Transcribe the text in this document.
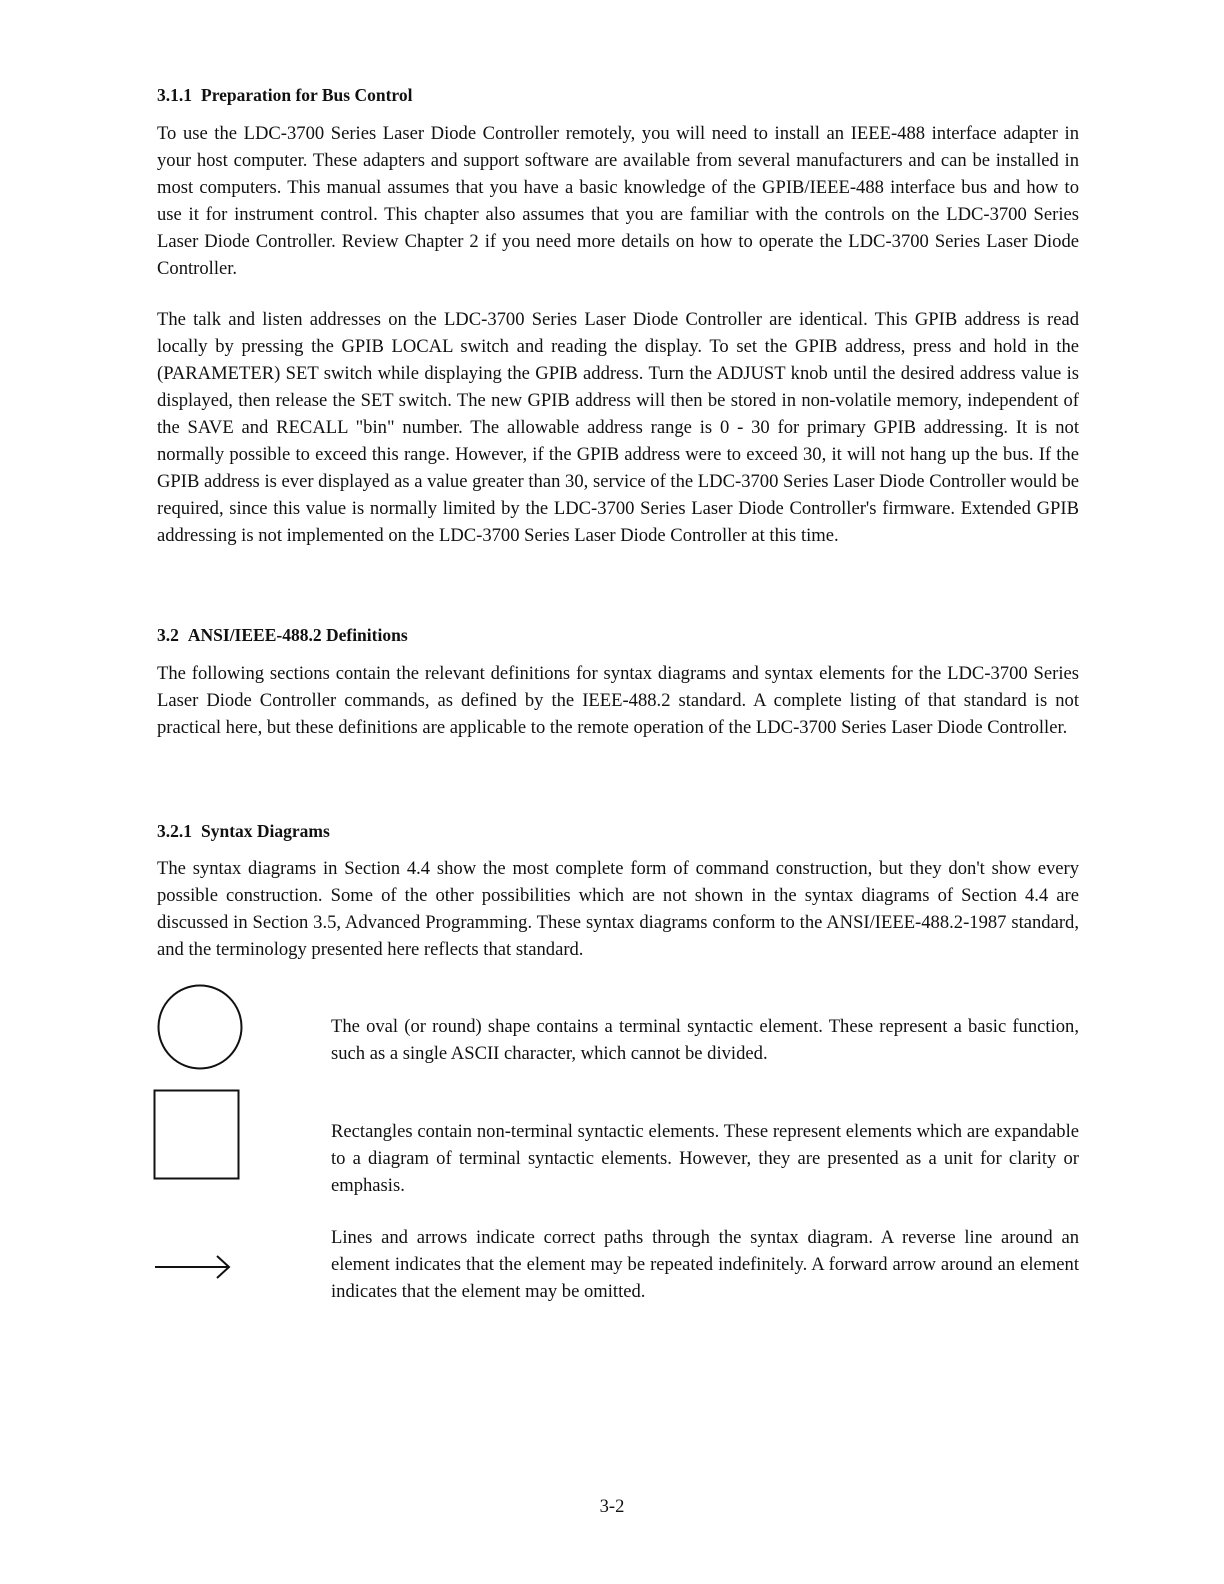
3.1.1 Preparation for Bus Control

To use the LDC-3700 Series Laser Diode Controller remotely, you will need to install an IEEE-488 interface adapter in your host computer. These adapters and support software are available from several manufacturers and can be installed in most computers. This manual assumes that you have a basic knowledge of the GPIB/IEEE-488 interface bus and how to use it for instrument control. This chapter also assumes that you are familiar with the controls on the LDC-3700 Series Laser Diode Controller. Review Chapter 2 if you need more details on how to operate the LDC-3700 Series Laser Diode Controller.

The talk and listen addresses on the LDC-3700 Series Laser Diode Controller are identical. This GPIB address is read locally by pressing the GPIB LOCAL switch and reading the display. To set the GPIB address, press and hold in the (PARAMETER) SET switch while displaying the GPIB address. Turn the ADJUST knob until the desired address value is displayed, then release the SET switch. The new GPIB address will then be stored in non-volatile memory, independent of the SAVE and RECALL "bin" number. The allowable address range is 0 - 30 for primary GPIB addressing. It is not normally possible to exceed this range. However, if the GPIB address were to exceed 30, it will not hang up the bus. If the GPIB address is ever displayed as a value greater than 30, service of the LDC-3700 Series Laser Diode Controller would be required, since this value is normally limited by the LDC-3700 Series Laser Diode Controller's firmware. Extended GPIB addressing is not implemented on the LDC-3700 Series Laser Diode Controller at this time.

3.2 ANSI/IEEE-488.2 Definitions

The following sections contain the relevant definitions for syntax diagrams and syntax elements for the LDC-3700 Series Laser Diode Controller commands, as defined by the IEEE-488.2 standard. A complete listing of that standard is not practical here, but these definitions are applicable to the remote operation of the LDC-3700 Series Laser Diode Controller.

3.2.1 Syntax Diagrams

The syntax diagrams in Section 4.4 show the most complete form of command construction, but they don't show every possible construction. Some of the other possibilities which are not shown in the syntax diagrams of Section 4.4 are discussed in Section 3.5, Advanced Programming. These syntax diagrams conform to the ANSI/IEEE-488.2-1987 standard, and the terminology presented here reflects that standard.

The oval (or round) shape contains a terminal syntactic element. These represent a basic function, such as a single ASCII character, which cannot be divided.

Rectangles contain non-terminal syntactic elements. These represent elements which are expandable to a diagram of terminal syntactic elements. However, they are presented as a unit for clarity or emphasis.

Lines and arrows indicate correct paths through the syntax diagram. A reverse line around an element indicates that the element may be repeated indefinitely. A forward arrow around an element indicates that the element may be omitted.

3-2
